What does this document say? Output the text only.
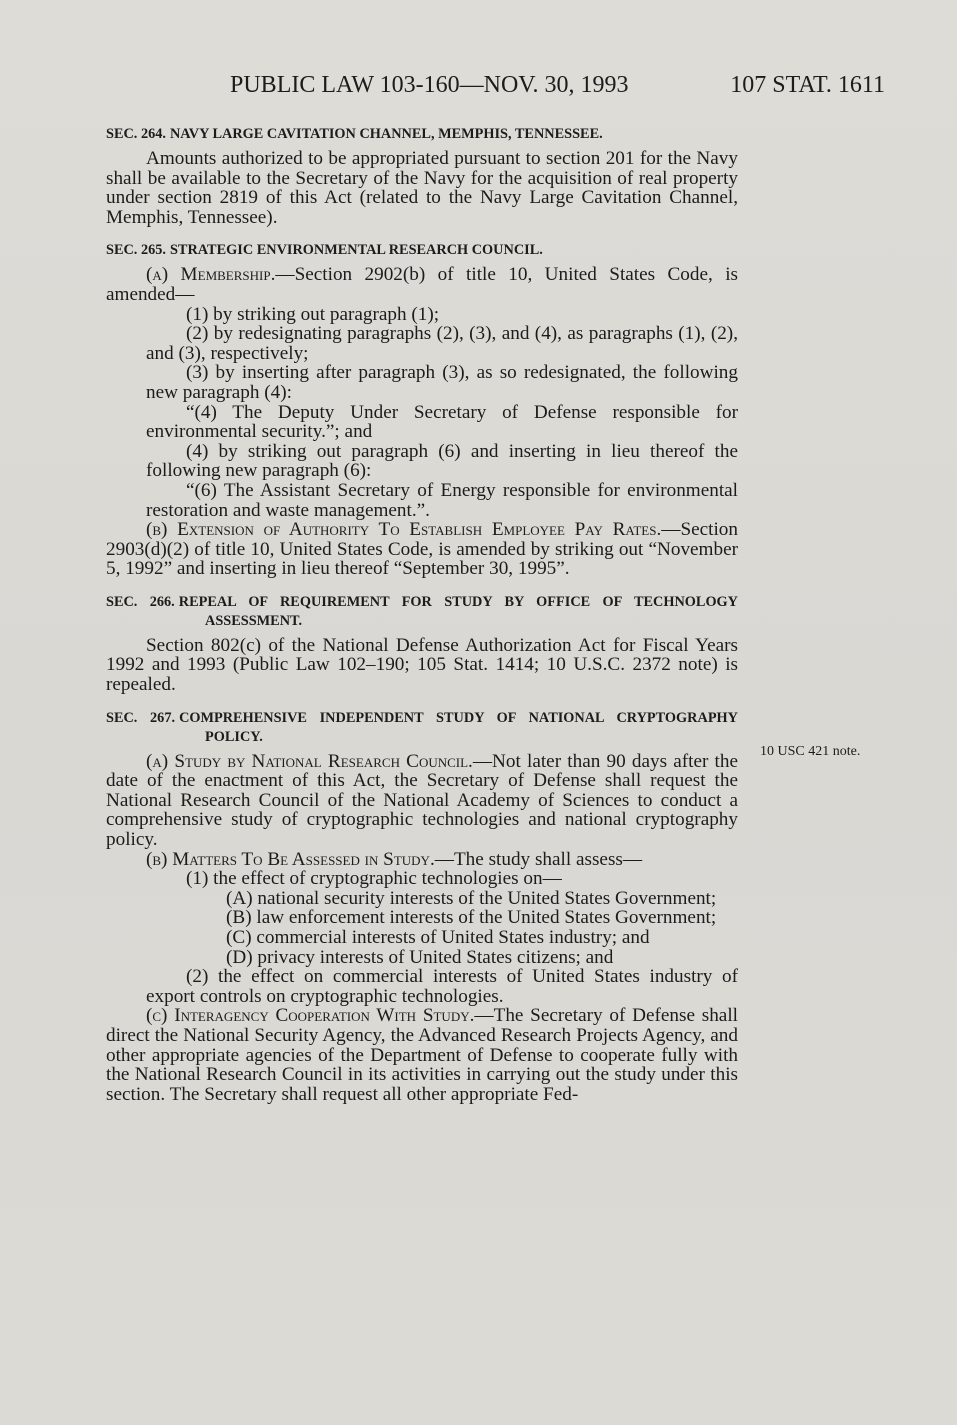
PUBLIC LAW 103-160—NOV. 30, 1993	107 STAT. 1611
10 USC 421 note.
SEC. 264. NAVY LARGE CAVITATION CHANNEL, MEMPHIS, TENNESSEE.

Amounts authorized to be appropriated pursuant to section 201 for the Navy shall be available to the Secretary of the Navy for the acquisition of real property under section 2819 of this Act (related to the Navy Large Cavitation Channel, Memphis, Tennessee).

SEC. 265. STRATEGIC ENVIRONMENTAL RESEARCH COUNCIL.

(a) Membership.—Section 2902(b) of title 10, United States Code, is amended—

(1) by striking out paragraph (1);

(2) by redesignating paragraphs (2), (3), and (4), as paragraphs (1), (2), and (3), respectively;

(3) by inserting after paragraph (3), as so redesignated, the following new paragraph (4):

“(4) The Deputy Under Secretary of Defense responsible for environmental security.”; and

(4) by striking out paragraph (6) and inserting in lieu thereof the following new paragraph (6):

“(6) The Assistant Secretary of Energy responsible for environmental restoration and waste management.”.

(b) Extension of Authority To Establish Employee Pay Rates.—Section 2903(d)(2) of title 10, United States Code, is amended by striking out “November 5, 1992” and inserting in lieu thereof “September 30, 1995”.

SEC. 266. REPEAL OF REQUIREMENT FOR STUDY BY OFFICE OF TECHNOLOGY ASSESSMENT.

Section 802(c) of the National Defense Authorization Act for Fiscal Years 1992 and 1993 (Public Law 102–190; 105 Stat. 1414; 10 U.S.C. 2372 note) is repealed.

SEC. 267. COMPREHENSIVE INDEPENDENT STUDY OF NATIONAL CRYPTOGRAPHY POLICY.

(a) Study by National Research Council.—Not later than 90 days after the date of the enactment of this Act, the Secretary of Defense shall request the National Research Council of the National Academy of Sciences to conduct a comprehensive study of cryptographic technologies and national cryptography policy.

(b) Matters To Be Assessed in Study.—The study shall assess—

(1) the effect of cryptographic technologies on—

(A) national security interests of the United States Government;

(B) law enforcement interests of the United States Government;

(C) commercial interests of United States industry; and

(D) privacy interests of United States citizens; and

(2) the effect on commercial interests of United States industry of export controls on cryptographic technologies.

(c) Interagency Cooperation With Study.—The Secretary of Defense shall direct the National Security Agency, the Advanced Research Projects Agency, and other appropriate agencies of the Department of Defense to cooperate fully with the National Research Council in its activities in carrying out the study under this section. The Secretary shall request all other appropriate Fed-
